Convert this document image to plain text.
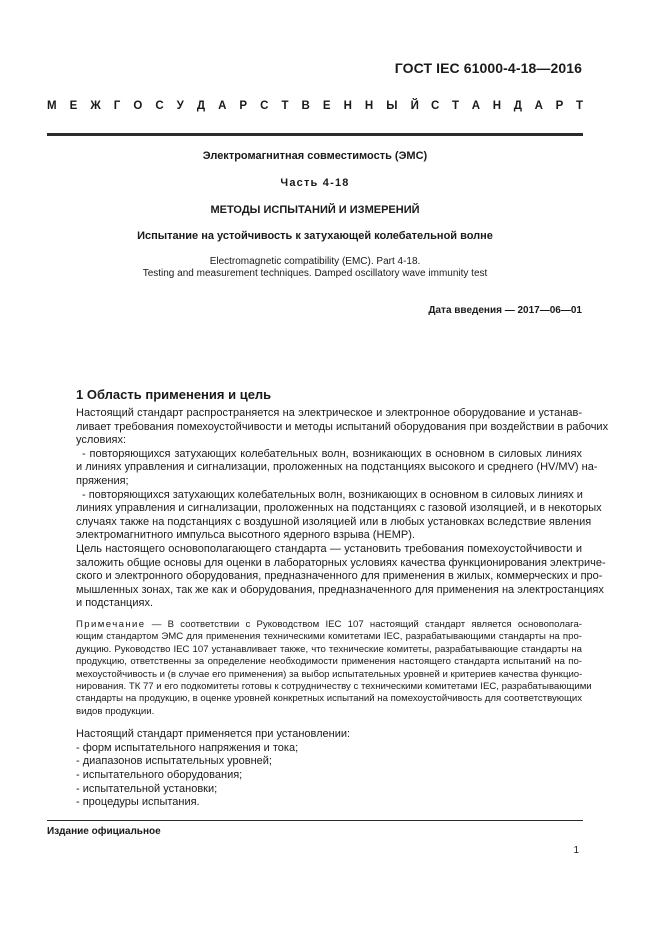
ГОСТ IEC 61000-4-18—2016
М Е Ж Г О С У Д А Р С Т В Е Н Н Ы Й С Т А Н Д А Р Т
Электромагнитная совместимость (ЭМС)
Часть 4-18
МЕТОДЫ ИСПЫТАНИЙ И ИЗМЕРЕНИЙ
Испытание на устойчивость к затухающей колебательной волне
Electromagnetic compatibility (EMC). Part 4-18.
Testing and measurement techniques. Damped oscillatory wave immunity test
Дата введения — 2017—06—01
1 Область применения и цель
Настоящий стандарт распространяется на электрическое и электронное оборудование и устанав-
ливает требования помехоустойчивости и методы испытаний оборудования при воздействии в рабочих
условиях:
- повторяющихся затухающих колебательных волн, возникающих в основном в силовых линиях
и линиях управления и сигнализации, проложенных на подстанциях высокого и среднего (HV/MV) на-
пряжения;
- повторяющихся затухающих колебательных волн, возникающих в основном в силовых линиях и
линиях управления и сигнализации, проложенных на подстанциях с газовой изоляцией, и в некоторых
случаях также на подстанциях с воздушной изоляцией или в любых установках вследствие явления
электромагнитного импульса высотного ядерного взрыва (HEMP).
Цель настоящего основополагающего стандарта — установить требования помехоустойчивости и
заложить общие основы для оценки в лабораторных условиях качества функционирования электриче-
ского и электронного оборудования, предназначенного для применения в жилых, коммерческих и про-
мышленных зонах, так же как и оборудования, предназначенного для применения на электростанциях
и подстанциях.
Примечание — В соответствии с Руководством IEC 107 настоящий стандарт является основополага-
ющим стандартом ЭМС для применения техническими комитетами IEC, разрабатывающими стандарты на про-
дукцию. Руководство IEC 107 устанавливает также, что технические комитеты, разрабатывающие стандарты на
продукцию, ответственны за определение необходимости применения настоящего стандарта испытаний на по-
мехоустойчивость и (в случае его применения) за выбор испытательных уровней и критериев качества функцио-
нирования. ТК 77 и его подкомитеты готовы к сотрудничеству с техническими комитетами IEC, разрабатывающими
стандарты на продукцию, в оценке уровней конкретных испытаний на помехоустойчивость для соответствующих
видов продукции.
Настоящий стандарт применяется при установлении:
- форм испытательного напряжения и тока;
- диапазонов испытательных уровней;
- испытательного оборудования;
- испытательной установки;
- процедуры испытания.
Издание официальное
1
